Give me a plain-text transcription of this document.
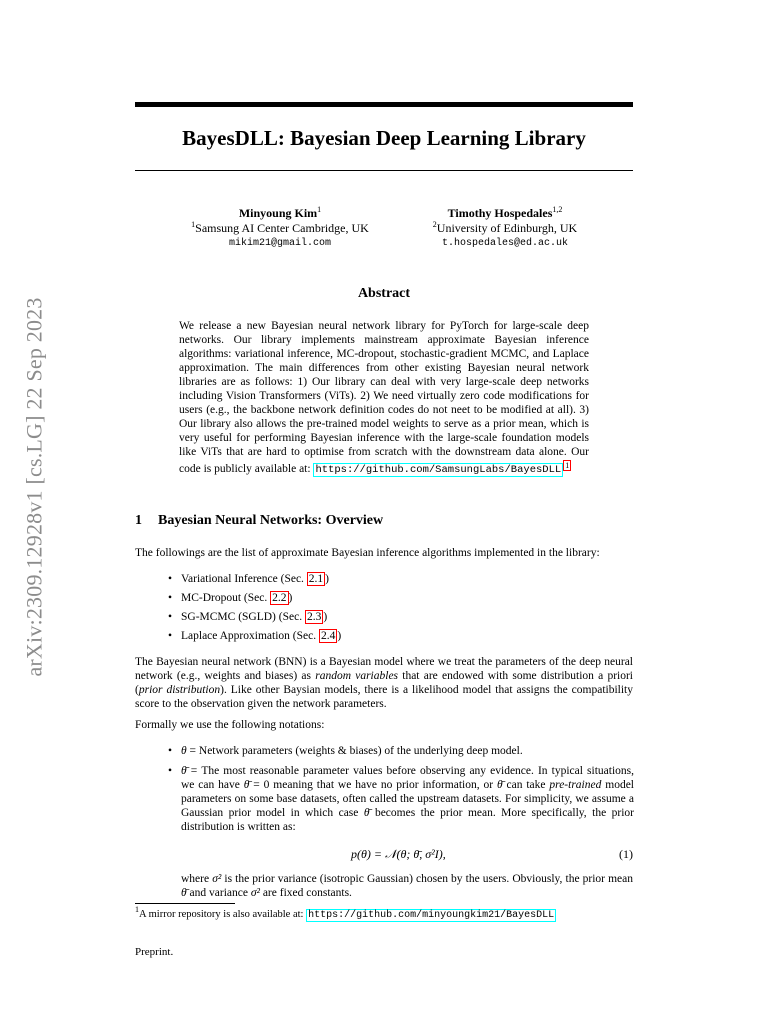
arXiv:2309.12928v1 [cs.LG] 22 Sep 2023
BayesDLL: Bayesian Deep Learning Library
Minyoung Kim$^1$
$^1$Samsung AI Center Cambridge, UK
mikim21@gmail.com
Timothy Hospedales$^{1,2}$
$^2$University of Edinburgh, UK
t.hospedales@ed.ac.uk
Abstract
We release a new Bayesian neural network library for PyTorch for large-scale deep networks. Our library implements mainstream approximate Bayesian inference algorithms: variational inference, MC-dropout, stochastic-gradient MCMC, and Laplace approximation. The main differences from other existing Bayesian neural network libraries are as follows: 1) Our library can deal with very large-scale deep networks including Vision Transformers (ViTs). 2) We need virtually zero code modifications for users (e.g., the backbone network definition codes do not neet to be modified at all). 3) Our library also allows the pre-trained model weights to serve as a prior mean, which is very useful for performing Bayesian inference with the large-scale foundation models like ViTs that are hard to optimise from scratch with the downstream data alone. Our code is publicly available at: https://github.com/SamsungLabs/BayesDLL $^1$
1 Bayesian Neural Networks: Overview
The followings are the list of approximate Bayesian inference algorithms implemented in the library:
• Variational Inference (Sec. 2.1 )
• MC-Dropout (Sec. 2.2 )
• SG-MCMC (SGLD) (Sec. 2.3 )
• Laplace Approximation (Sec. 2.4 )
The Bayesian neural network (BNN) is a Bayesian model where we treat the parameters of the deep neural network (e.g., weights and biases) as random variables that are endowed with some distribution a priori (prior distribution). Like other Baysian models, there is a likelihood model that assigns the compatibility score to the observation given the network parameters.
Formally we use the following notations:
• θ = Network parameters (weights & biases) of the underlying deep model.
• θ̄ = The most reasonable parameter values before observing any evidence. In typical situations, we can have θ̄ = 0 meaning that we have no prior information, or θ̄ can take pre-trained model parameters on some base datasets, often called the upstream datasets. For simplicity, we assume a Gaussian prior model in which case θ̄ becomes the prior mean. More specifically, the prior distribution is written as:
p(θ) = 𝒩(θ; θ̄, σ²I),	(1)
where σ² is the prior variance (isotropic Gaussian) chosen by the users. Obviously, the prior mean θ̄ and variance σ² are fixed constants.
$^1$A mirror repository is also available at: https://github.com/minyoungkim21/BayesDLL
Preprint.
